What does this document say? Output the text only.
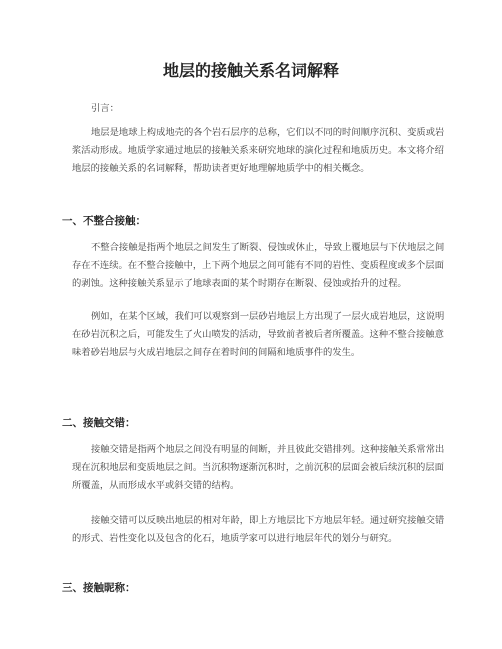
地层的接触关系名词解释

引言：

地层是地球上构成地壳的各个岩石层序的总称，它们以不同的时间顺序沉积、变质或岩浆活动形成。地质学家通过地层的接触关系来研究地球的演化过程和地质历史。本文将介绍地层的接触关系的名词解释，帮助读者更好地理解地质学中的相关概念。

一、不整合接触：

不整合接触是指两个地层之间发生了断裂、侵蚀或休止，导致上覆地层与下伏地层之间存在不连续。在不整合接触中，上下两个地层之间可能有不同的岩性、变质程度或多个层面的剥蚀。这种接触关系显示了地球表面的某个时期存在断裂、侵蚀或抬升的过程。

例如，在某个区域，我们可以观察到一层砂岩地层上方出现了一层火成岩地层，这说明在砂岩沉积之后，可能发生了火山喷发的活动，导致前者被后者所覆盖。这种不整合接触意味着砂岩地层与火成岩地层之间存在着时间的间隔和地质事件的发生。

二、接触交错：

接触交错是指两个地层之间没有明显的间断，并且彼此交错排列。这种接触关系常常出现在沉积地层和变质地层之间。当沉积物逐渐沉积时，之前沉积的层面会被后续沉积的层面所覆盖，从而形成水平或斜交错的结构。

接触交错可以反映出地层的相对年龄，即上方地层比下方地层年轻。通过研究接触交错的形式、岩性变化以及包含的化石，地质学家可以进行地层年代的划分与研究。

三、接触昵称：
